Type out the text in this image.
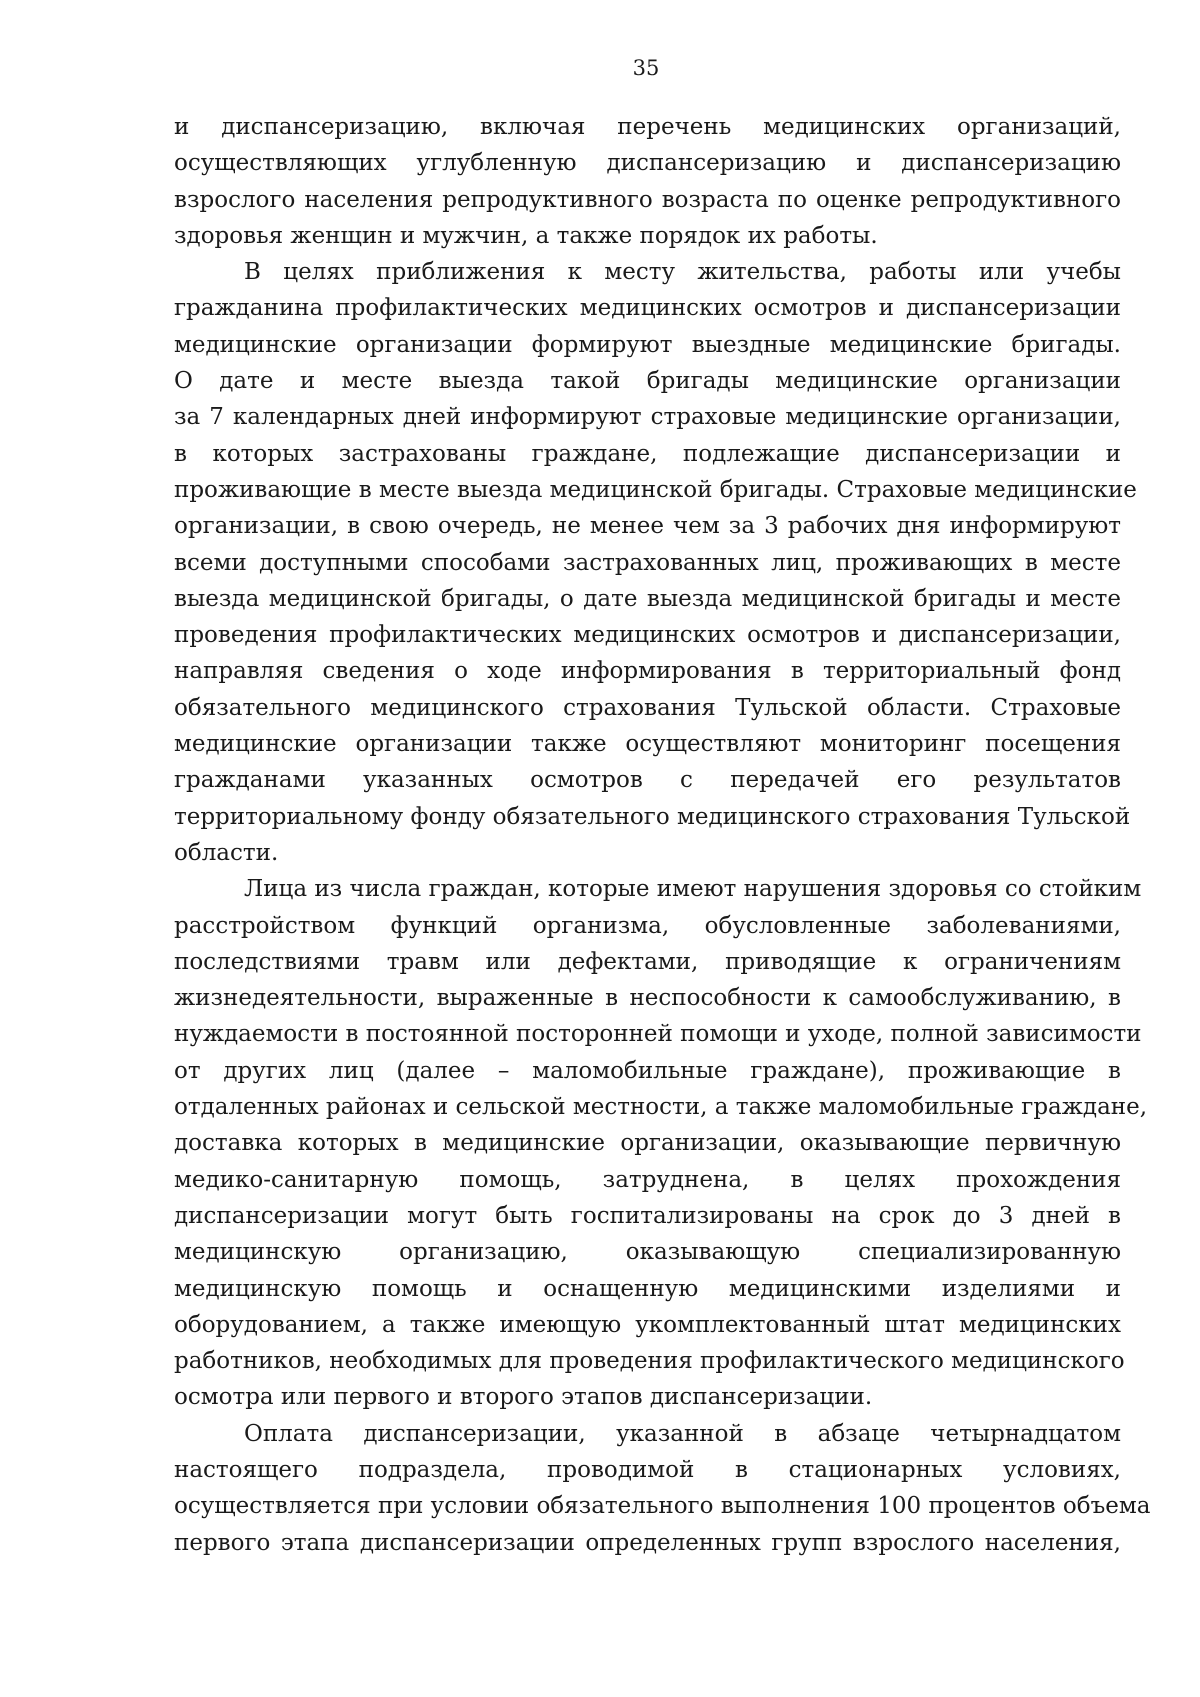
35
и диспансеризацию, включая перечень медицинских организаций,
осуществляющих углубленную диспансеризацию и диспансеризацию
взрослого населения репродуктивного возраста по оценке репродуктивного
здоровья женщин и мужчин, а также порядок их работы.
В целях приближения к месту жительства, работы или учебы
гражданина профилактических медицинских осмотров и диспансеризации
медицинские организации формируют выездные медицинские бригады.
О дате и месте выезда такой бригады медицинские организации
за 7 календарных дней информируют страховые медицинские организации,
в которых застрахованы граждане, подлежащие диспансеризации и
проживающие в месте выезда медицинской бригады. Страховые медицинские
организации, в свою очередь, не менее чем за 3 рабочих дня информируют
всеми доступными способами застрахованных лиц, проживающих в месте
выезда медицинской бригады, о дате выезда медицинской бригады и месте
проведения профилактических медицинских осмотров и диспансеризации,
направляя сведения о ходе информирования в территориальный фонд
обязательного медицинского страхования Тульской области. Страховые
медицинские организации также осуществляют мониторинг посещения
гражданами указанных осмотров с передачей его результатов
территориальному фонду обязательного медицинского страхования Тульской
области.
Лица из числа граждан, которые имеют нарушения здоровья со стойким
расстройством функций организма, обусловленные заболеваниями,
последствиями травм или дефектами, приводящие к ограничениям
жизнедеятельности, выраженные в неспособности к самообслуживанию, в
нуждаемости в постоянной посторонней помощи и уходе, полной зависимости
от других лиц (далее – маломобильные граждане), проживающие в
отдаленных районах и сельской местности, а также маломобильные граждане,
доставка которых в медицинские организации, оказывающие первичную
медико-санитарную помощь, затруднена, в целях прохождения
диспансеризации могут быть госпитализированы на срок до 3 дней в
медицинскую организацию, оказывающую специализированную
медицинскую помощь и оснащенную медицинскими изделиями и
оборудованием, а также имеющую укомплектованный штат медицинских
работников, необходимых для проведения профилактического медицинского
осмотра или первого и второго этапов диспансеризации.
Оплата диспансеризации, указанной в абзаце четырнадцатом
настоящего подраздела, проводимой в стационарных условиях,
осуществляется при условии обязательного выполнения 100 процентов объема
первого этапа диспансеризации определенных групп взрослого населения,
